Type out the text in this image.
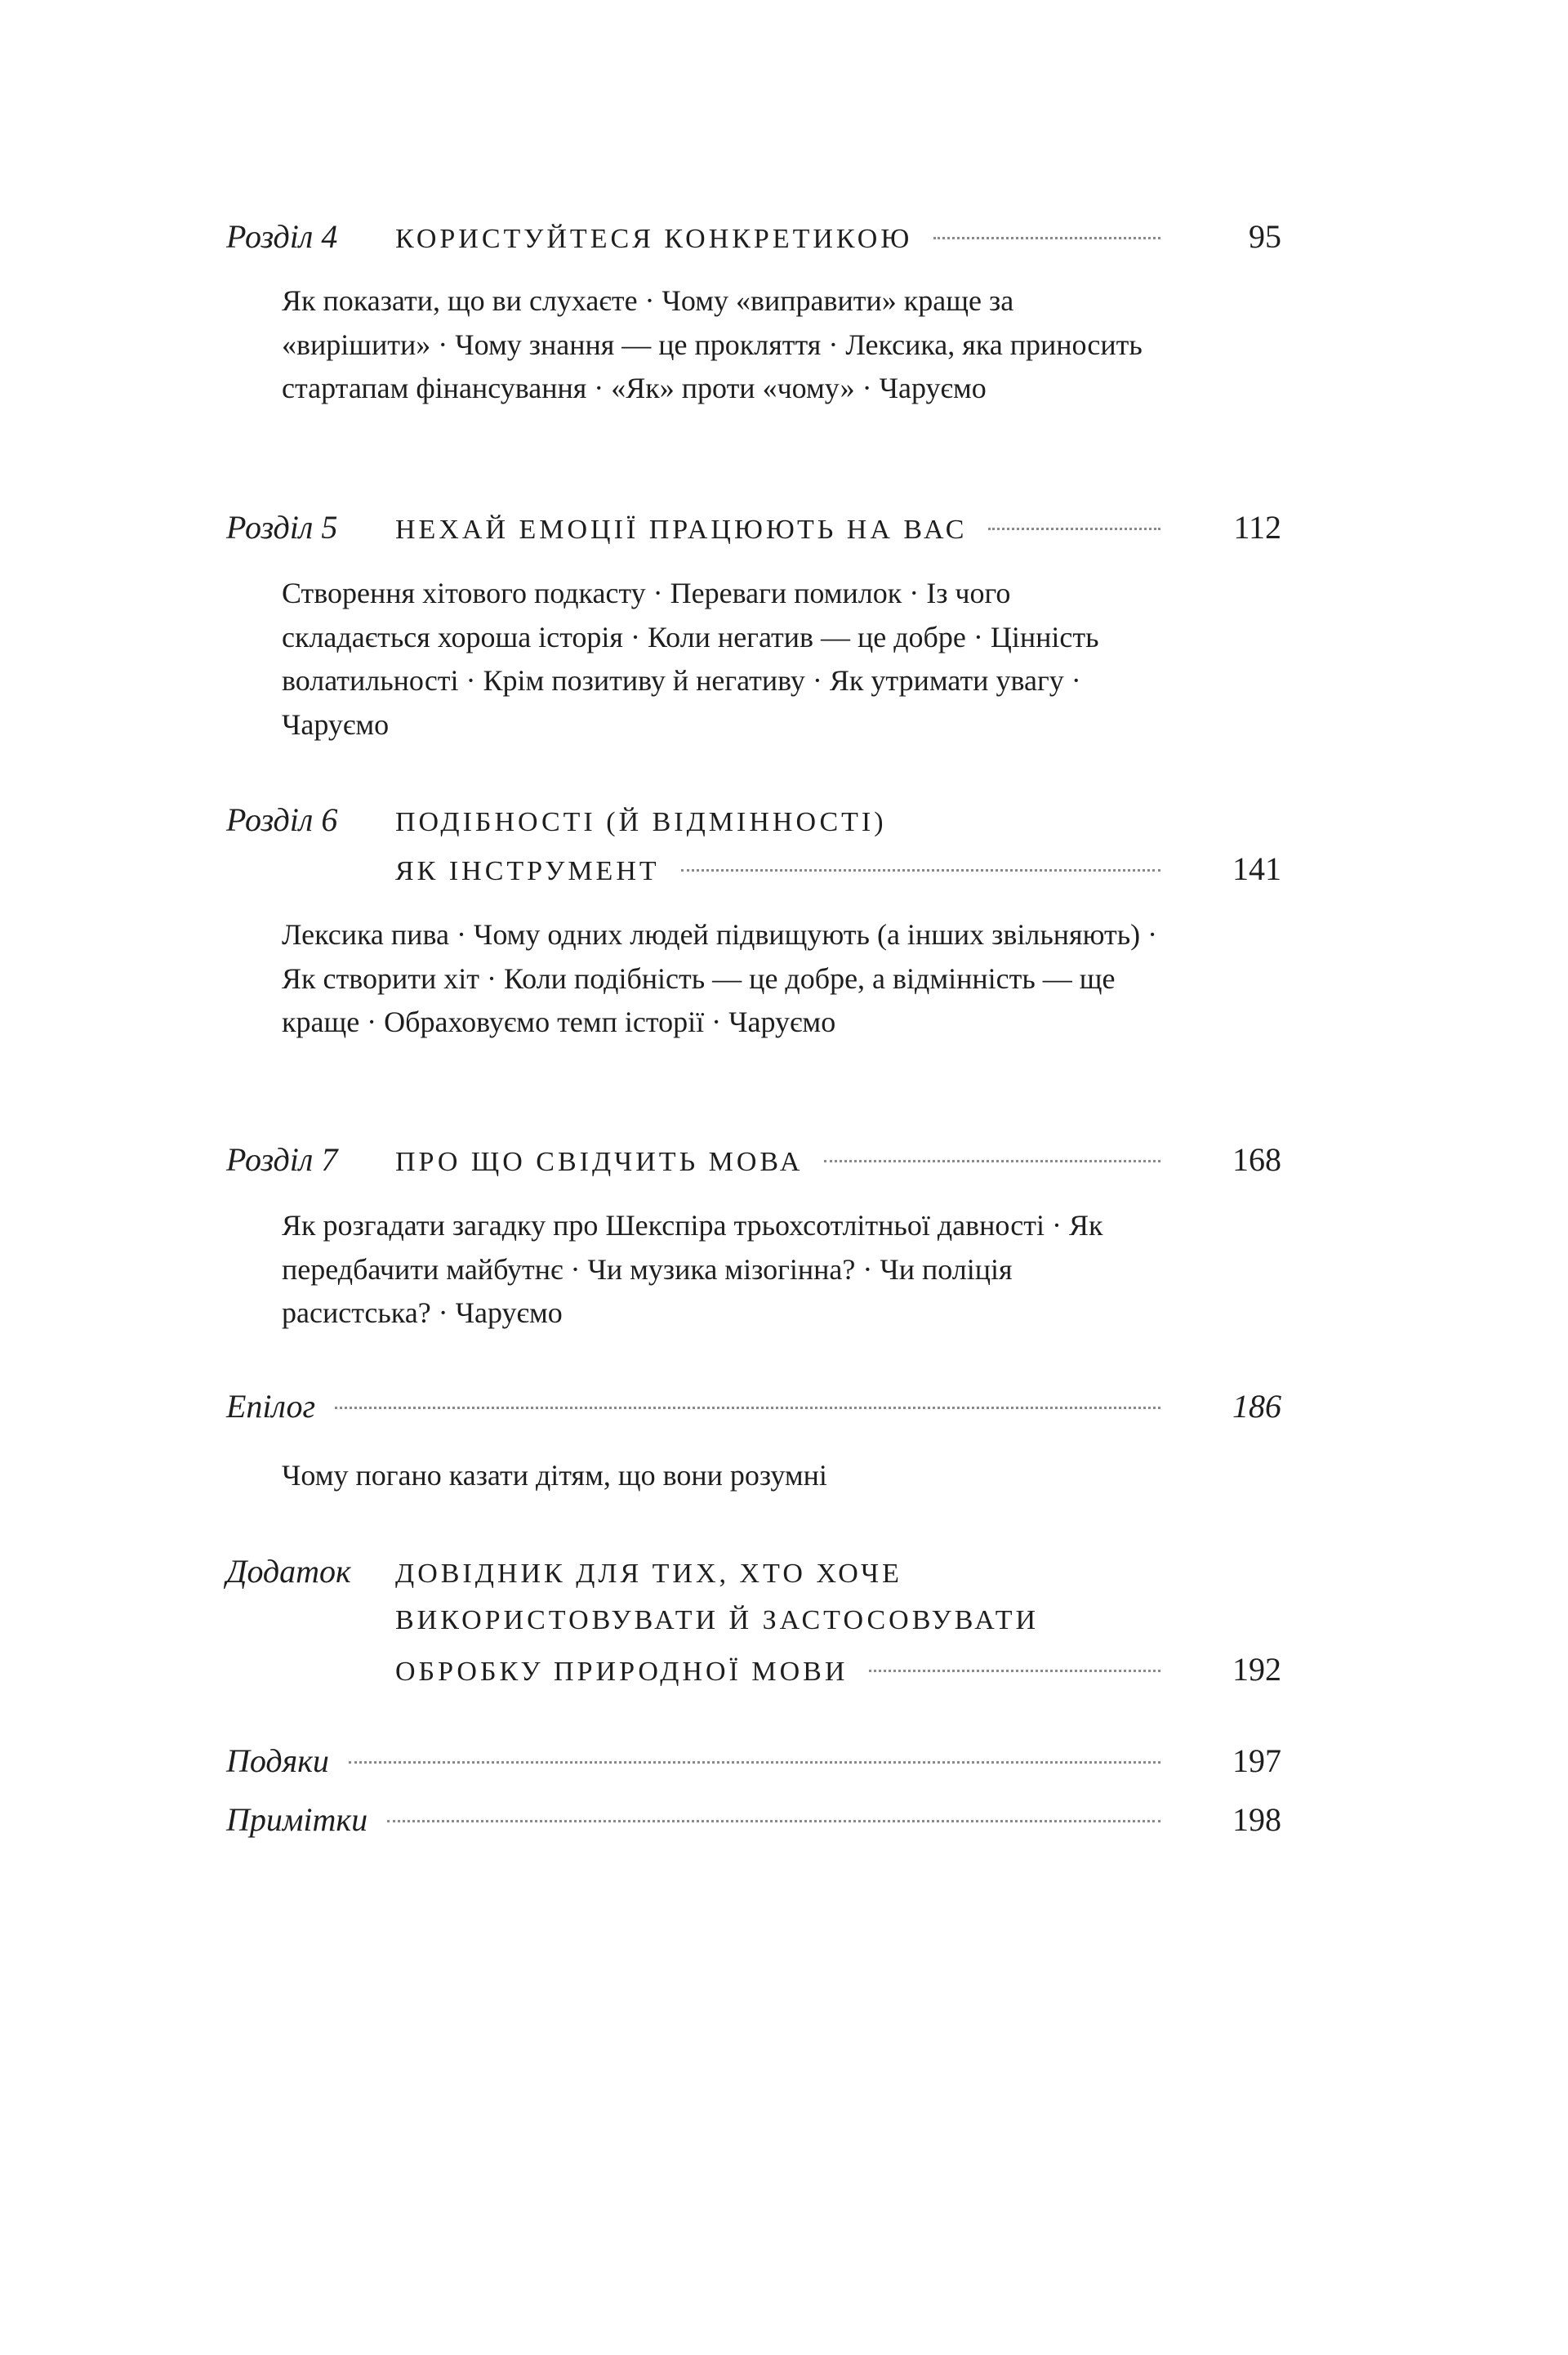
Розділ 4	КОРИСТУЙТЕСЯ КОНКРЕТИКОЮ	95
Як показати, що ви слухаєте · Чому «виправити» краще за «вирішити» · Чому знання — це прокляття · Лексика, яка приносить стартапам фінансування · «Як» проти «чому» · Чаруємо
Розділ 5	НЕХАЙ ЕМОЦІЇ ПРАЦЮЮТЬ НА ВАС	112
Створення хітового подкасту · Переваги помилок · Із чого складається хороша історія · Коли негатив — це добре · Цінність волатильності · Крім позитиву й негативу · Як утримати увагу · Чаруємо
Розділ 6	ПОДІБНОСТІ (Й ВІДМІННОСТІ)
ЯК ІНСТРУМЕНТ	141
Лексика пива · Чому одних людей підвищують (а інших звільняють) · Як створити хіт · Коли подібність — це добре, а відмінність — ще краще · Обраховуємо темп історії · Чаруємо
Розділ 7	ПРО ЩО СВІДЧИТЬ МОВА	168
Як розгадати загадку про Шекспіра трьохсотлітньої давності · Як передбачити майбутнє · Чи музика мізогінна? · Чи поліція расистська? · Чаруємо
Епілог	186
Чому погано казати дітям, що вони розумні
Додаток	ДОВІДНИК ДЛЯ ТИХ, ХТО ХОЧЕ
ВИКОРИСТОВУВАТИ Й ЗАСТОСОВУВАТИ
ОБРОБКУ ПРИРОДНОЇ МОВИ	192
Подяки	197
Примітки	198
